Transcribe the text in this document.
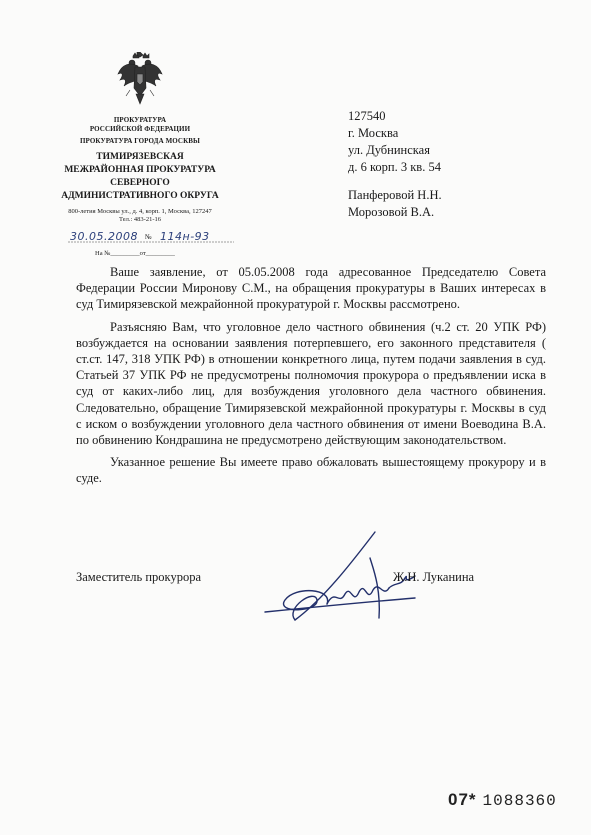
ПРОКУРАТУРА
РОССИЙСКОЙ ФЕДЕРАЦИИ
ПРОКУРАТУРА ГОРОДА МОСКВЫ
ТИМИРЯЗЕВСКАЯ
МЕЖРАЙОННАЯ ПРОКУРАТУРА
СЕВЕРНОГО
АДМИНИСТРАТИВНОГО ОКРУГА
800-летия Москвы ул., д. 4, корп. 1, Москва, 127247
Тел.: 483-21-16
30.05.2008 № 114н-93
На №_________от_________
127540
г. Москва
ул. Дубнинская
д. 6 корп. 3 кв. 54
Панферовой Н.Н.
Морозовой В.А.

Ваше заявление, от 05.05.2008 года адресованное Председателю Совета Федерации России Миронову С.М., на обращения прокуратуры в Ваших интересах в суд Тимирязевской межрайонной прокуратурой г. Москвы рассмотрено.

Разъясняю Вам, что уголовное дело частного обвинения (ч.2 ст. 20 УПК РФ) возбуждается на основании заявления потерпевшего, его законного представителя ( ст.ст. 147, 318 УПК РФ) в отношении конкретного лица, путем подачи заявления в суд. Статьей 37 УПК РФ не предусмотрены полномочия прокурора о предъявлении иска в суд от каких-либо лиц, для возбуждения уголовного дела частного обвинения. Следовательно, обращение Тимирязевской межрайонной прокуратуры г. Москвы в суд с иском о возбуждении уголовного дела частного обвинения от имени Воеводина В.А. по обвинению Кондрашина не предусмотрено действующим законодательством.

Указанное решение Вы имеете право обжаловать вышестоящему прокурору и в суде.

Заместитель прокурора	Ж.Н. Луканина
07* 1088360
